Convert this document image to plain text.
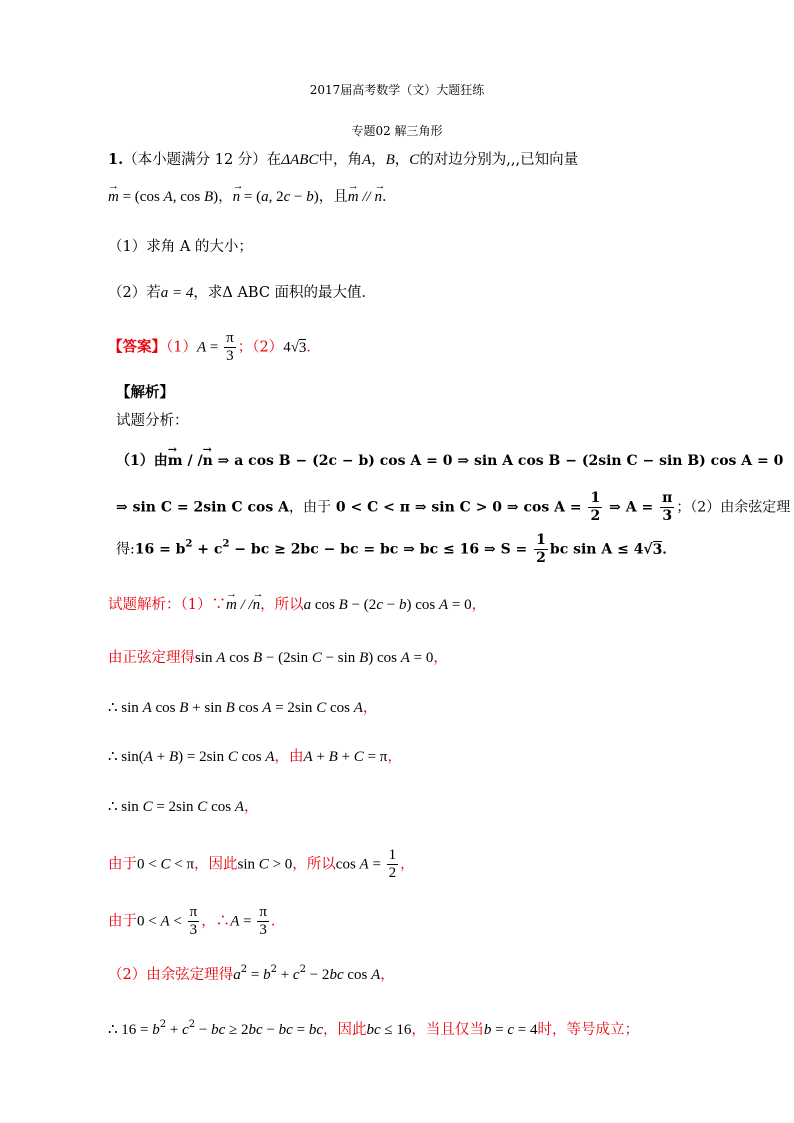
2017届高考数学（文）大题狂练
专题02 解三角形
1.（本小题满分 12 分）在ΔABC中，角A，B，C的对边分别为,,,已知向量
→ m = (cos A, cos B)，→ n = (a, 2c − b)，且→ m // → n．
（1）求角 A 的大小；
（2）若a = 4，求Δ ABC 面积的最大值．
【答案】$(1)A = \frac{\pi}{3}$ ；（2）4√3．
【解析】
试题分析：
（1）由→ m / /→ n ⇒ a cos B − (2c − b) cos A = 0 ⇒ sin A cos B − (2sin C − sin B) cos A = 0
⇒ sin C = 2sin C cos A，由于 0 < C < π ⇒ sin C > 0 ⇒ $\cos A = \frac{1}{2}$ ⇒ $A = \frac{\pi}{3}$ ；（2）由余弦定理
得:16 = $b^2 + c^2$ − bc ≥ 2bc − bc = bc ⇒ bc ≤ 16 ⇒ $S = \frac{1}{2}$ bc sin A ≤ 4√3．
试题解析：（1）∵→ m / /→ n，所以a cos B − (2c − b) cos A = 0，
由正弦定理得sin A cos B − (2sin C − sin B) cos A = 0，
∴ sin A cos B + sin B cos A = 2sin C cos A，
∴ sin(A + B) = 2sin C cos A，由A + B + C = π，
∴ sin C = 2sin C cos A，
由于0 < C < π，因此sin C > 0，所以$\cos A = \frac{1}{2}$ ，
由于$0 < A < \frac{\pi}{3}$ ，∴A = $\frac{\pi}{3}$ ．
（2）由余弦定理得$a^2 = b^2 + c^2 - 2bc$ cos A，
∴ $16 = b^2 + c^2$ − bc ≥ 2bc − bc = bc，因此bc ≤ 16，当且仅当b = c = 4时，等号成立；
